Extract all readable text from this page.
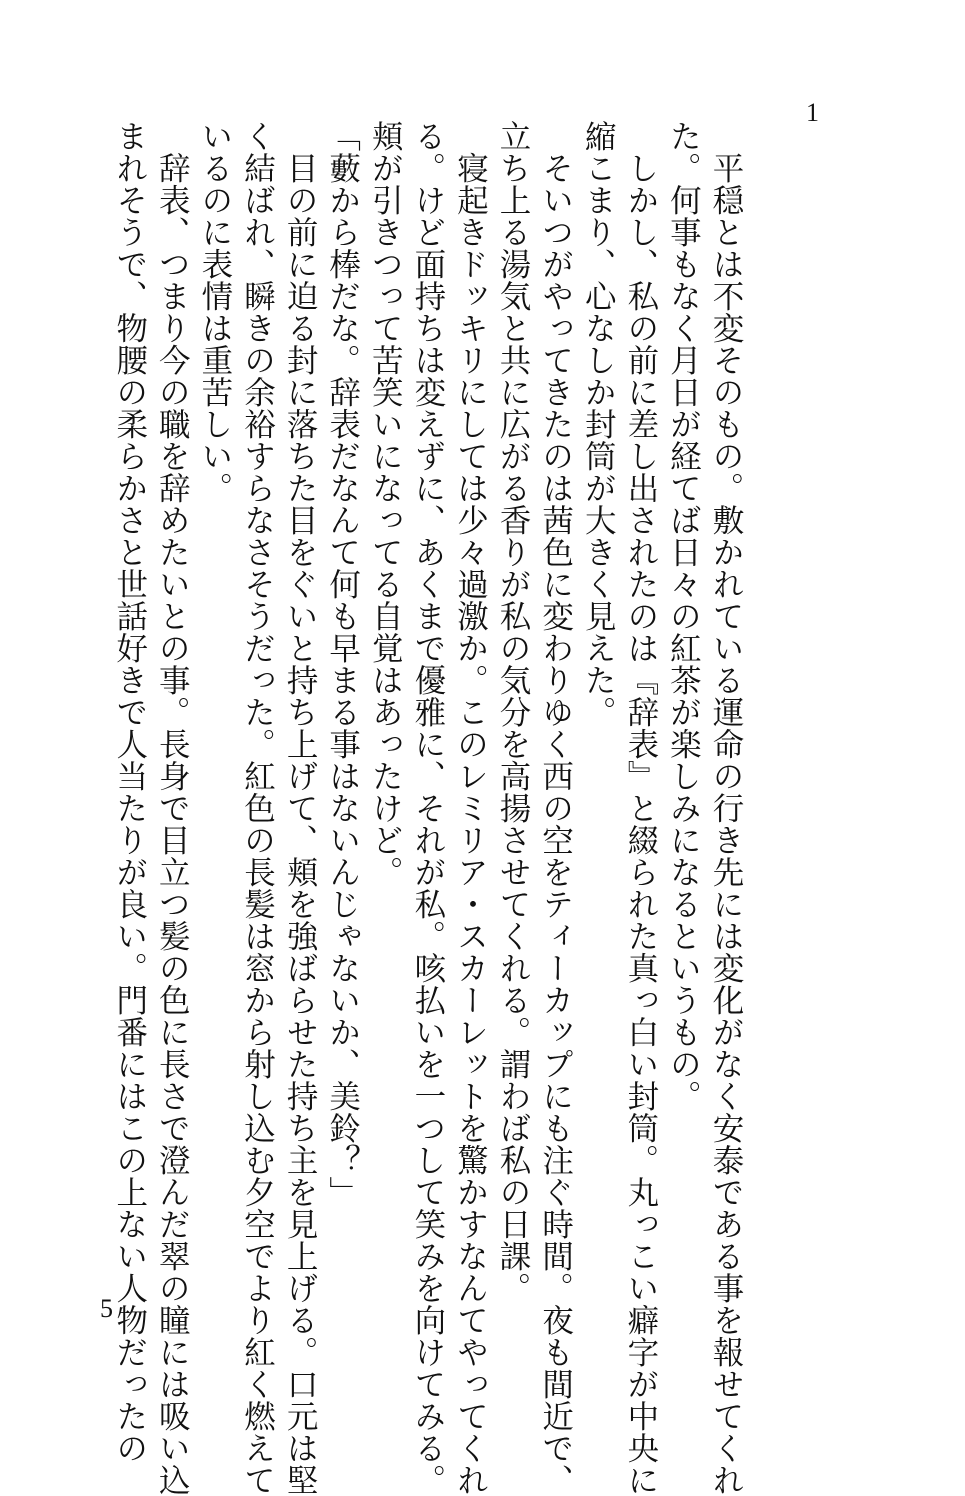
1
　平穏とは不変そのもの。敷かれている運命の行き先には変化がなく安泰である事を報せてくれ
た。何事もなく月日が経てば日々の紅茶が楽しみになるというもの。
　しかし、私の前に差し出されたのは『辞表』と綴られた真っ白い封筒。丸っこい癖字が中央に
縮こまり、心なしか封筒が大きく見えた。
　そいつがやってきたのは茜色に変わりゆく西の空をティーカップにも注ぐ時間。夜も間近で、
立ち上る湯気と共に広がる香りが私の気分を高揚させてくれる。謂わば私の日課。
　寝起きドッキリにしては少々過激か。このレミリア・スカーレットを驚かすなんてやってくれ
る。けど面持ちは変えずに、あくまで優雅に、それが私。咳払いを一つして笑みを向けてみる。
頬が引きつって苦笑いになってる自覚はあったけど。
「藪から棒だな。辞表だなんて何も早まる事はないんじゃないか、美鈴？」
　目の前に迫る封に落ちた目をぐいと持ち上げて、頬を強ばらせた持ち主を見上げる。口元は堅
く結ばれ、瞬きの余裕すらなさそうだった。紅色の長髪は窓から射し込む夕空でより紅く燃えて
いるのに表情は重苦しい。
　辞表、つまり今の職を辞めたいとの事。長身で目立つ髪の色に長さで澄んだ翠の瞳には吸い込
まれそうで、物腰の柔らかさと世話好きで人当たりが良い。門番にはこの上ない人物だったの
5
